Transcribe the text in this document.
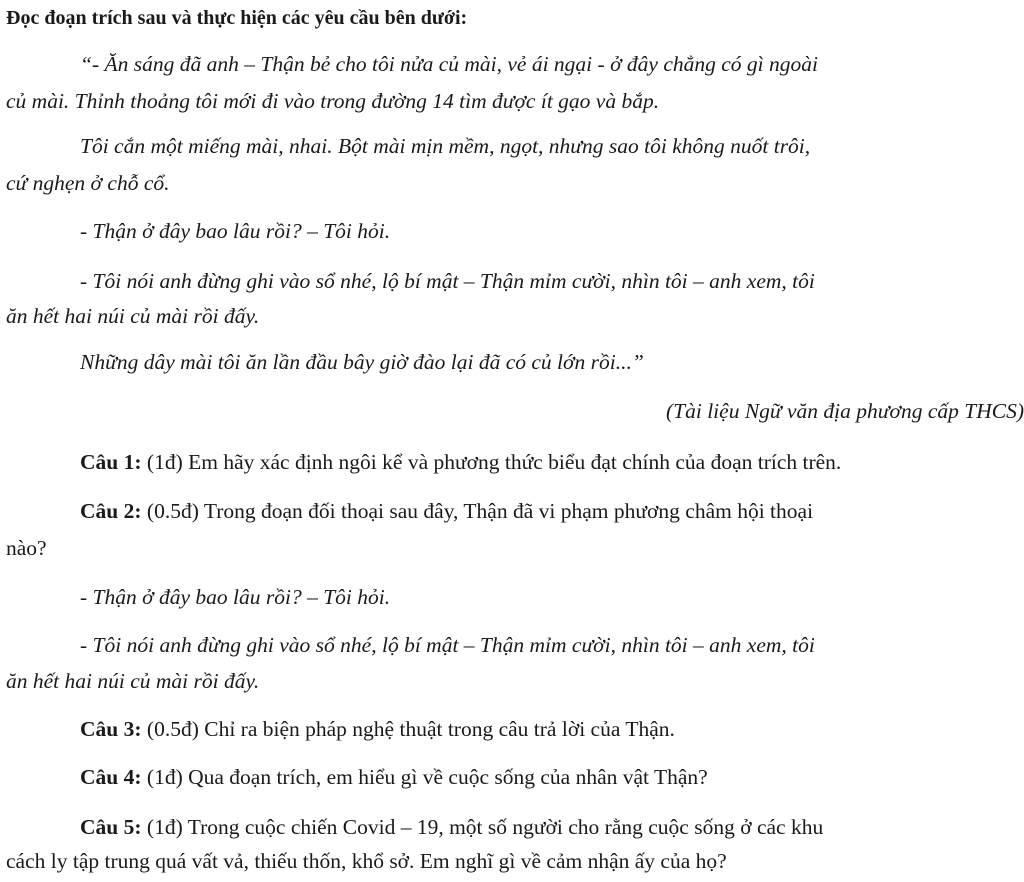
Đọc đoạn trích sau và thực hiện các yêu cầu bên dưới:
“- Ăn sáng đã anh – Thận bẻ cho tôi nửa củ mài, vẻ ái ngại - ở đây chẳng có gì ngoài
củ mài. Thỉnh thoảng tôi mới đi vào trong đường 14 tìm được ít gạo và bắp.
Tôi cắn một miếng mài, nhai. Bột mài mịn mềm, ngọt, nhưng sao tôi không nuốt trôi,
cứ nghẹn ở chỗ cổ.
- Thận ở đây bao lâu rồi? – Tôi hỏi.
- Tôi nói anh đừng ghi vào sổ nhé, lộ bí mật – Thận mỉm cười, nhìn tôi – anh xem, tôi
ăn hết hai núi củ mài rồi đấy.
Những dây mài tôi ăn lần đầu bây giờ đào lại đã có củ lớn rồi...”
(Tài liệu Ngữ văn địa phương cấp THCS)
Câu 1: (1đ) Em hãy xác định ngôi kể và phương thức biểu đạt chính của đoạn trích trên.
Câu 2: (0.5đ) Trong đoạn đối thoại sau đây, Thận đã vi phạm phương châm hội thoại
nào?
- Thận ở đây bao lâu rồi? – Tôi hỏi.
- Tôi nói anh đừng ghi vào sổ nhé, lộ bí mật – Thận mỉm cười, nhìn tôi – anh xem, tôi
ăn hết hai núi củ mài rồi đấy.
Câu 3: (0.5đ) Chỉ ra biện pháp nghệ thuật trong câu trả lời của Thận.
Câu 4: (1đ) Qua đoạn trích, em hiểu gì về cuộc sống của nhân vật Thận?
Câu 5: (1đ) Trong cuộc chiến Covid – 19, một số người cho rằng cuộc sống ở các khu
cách ly tập trung quá vất vả, thiếu thốn, khổ sở. Em nghĩ gì về cảm nhận ấy của họ?
